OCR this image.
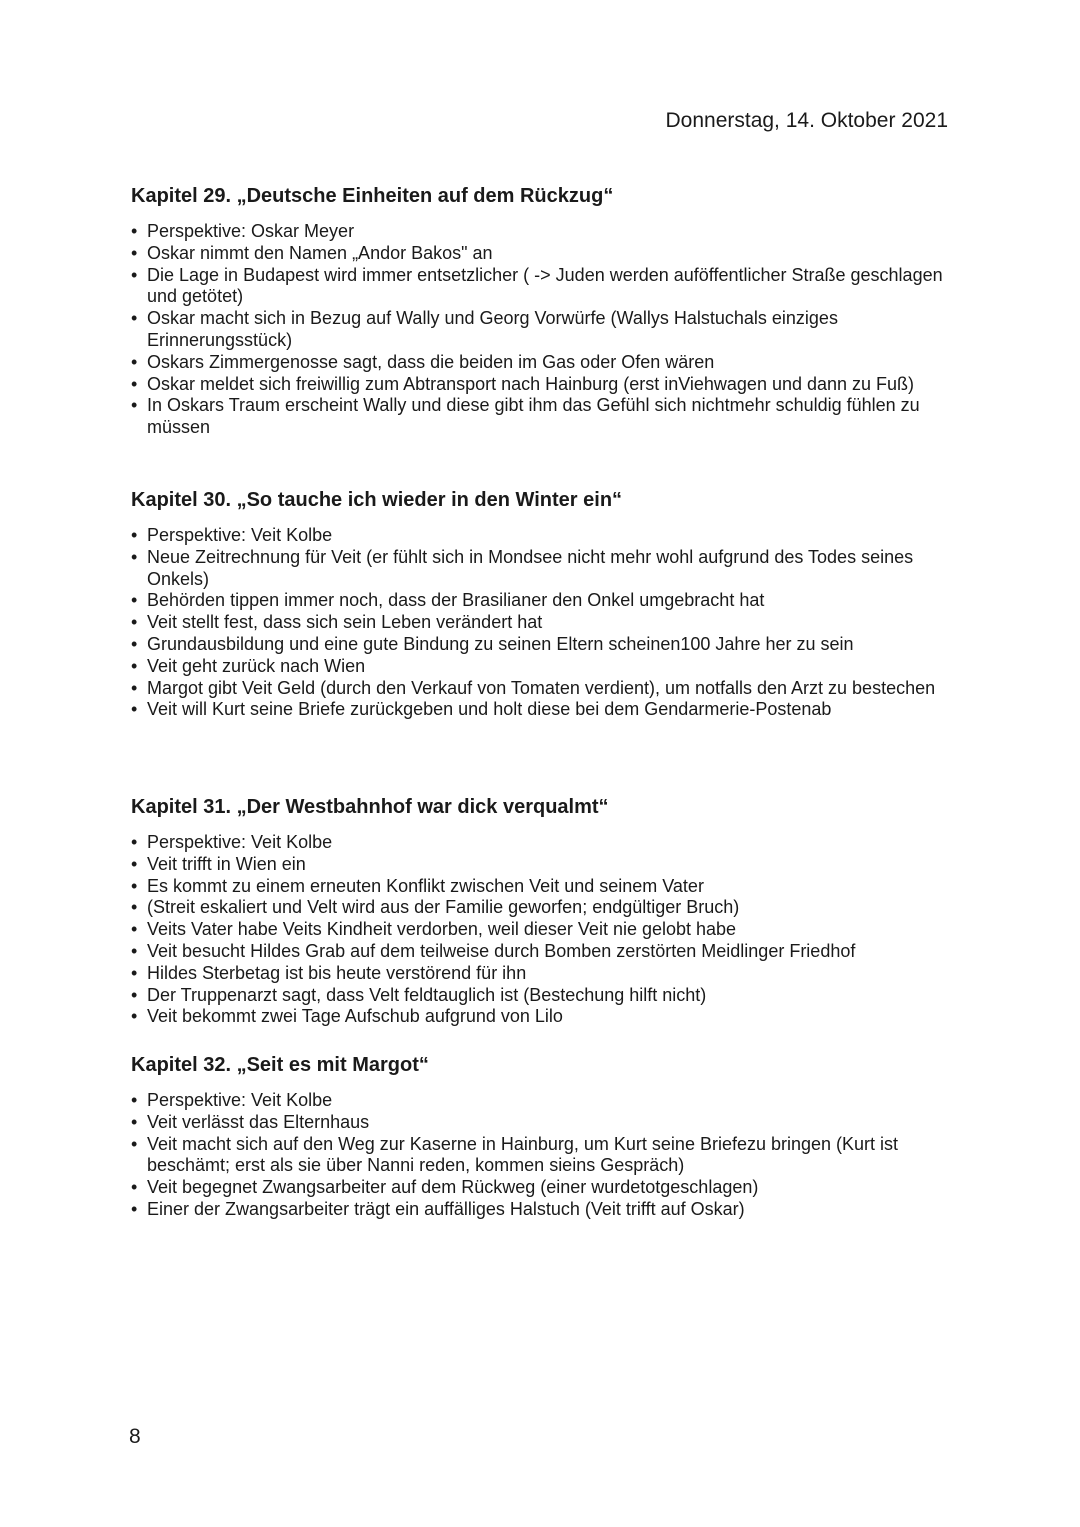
Donnerstag, 14. Oktober 2021

Kapitel 29. „Deutsche Einheiten auf dem Rückzug“
• Perspektive: Oskar Meyer
• Oskar nimmt den Namen „Andor Bakos" an
• Die Lage in Budapest wird immer entsetzlicher ( -> Juden werden auföffentlicher Straße geschlagen und getötet)
• Oskar macht sich in Bezug auf Wally und Georg Vorwürfe (Wallys Halstuchals einziges Erinnerungsstück)
• Oskars Zimmergenosse sagt, dass die beiden im Gas oder Ofen wären
• Oskar meldet sich freiwillig zum Abtransport nach Hainburg (erst inViehwagen und dann zu Fuß)
• In Oskars Traum erscheint Wally und diese gibt ihm das Gefühl sich nichtmehr schuldig fühlen zu müssen
Kapitel 30. „So tauche ich wieder in den Winter ein“
• Perspektive: Veit Kolbe
• Neue Zeitrechnung für Veit (er fühlt sich in Mondsee nicht mehr wohl aufgrund des Todes seines Onkels)
• Behörden tippen immer noch, dass der Brasilianer den Onkel umgebracht hat
• Veit stellt fest, dass sich sein Leben verändert hat
• Grundausbildung und eine gute Bindung zu seinen Eltern scheinen100 Jahre her zu sein
• Veit geht zurück nach Wien
• Margot gibt Veit Geld (durch den Verkauf von Tomaten verdient), um notfalls den Arzt zu bestechen
• Veit will Kurt seine Briefe zurückgeben und holt diese bei dem Gendarmerie-Postenab
Kapitel 31. „Der Westbahnhof war dick verqualmt“
• Perspektive: Veit Kolbe
• Veit trifft in Wien ein
• Es kommt zu einem erneuten Konflikt zwischen Veit und seinem Vater
• (Streit eskaliert und Velt wird aus der Familie geworfen; endgültiger Bruch)
• Veits Vater habe Veits Kindheit verdorben, weil dieser Veit nie gelobt habe
• Veit besucht Hildes Grab auf dem teilweise durch Bomben zerstörten Meidlinger Friedhof
• Hildes Sterbetag ist bis heute verstörend für ihn
• Der Truppenarzt sagt, dass Velt feldtauglich ist (Bestechung hilft nicht)
• Veit bekommt zwei Tage Aufschub aufgrund von Lilo
Kapitel 32. „Seit es mit Margot“
• Perspektive: Veit Kolbe
• Veit verlässt das Elternhaus
• Veit macht sich auf den Weg zur Kaserne in Hainburg, um Kurt seine Briefezu bringen (Kurt ist beschämt; erst als sie über Nanni reden, kommen sieins Gespräch)
• Veit begegnet Zwangsarbeiter auf dem Rückweg (einer wurdetotgeschlagen)
• Einer der Zwangsarbeiter trägt ein auffälliges Halstuch (Veit trifft auf Oskar)

8
